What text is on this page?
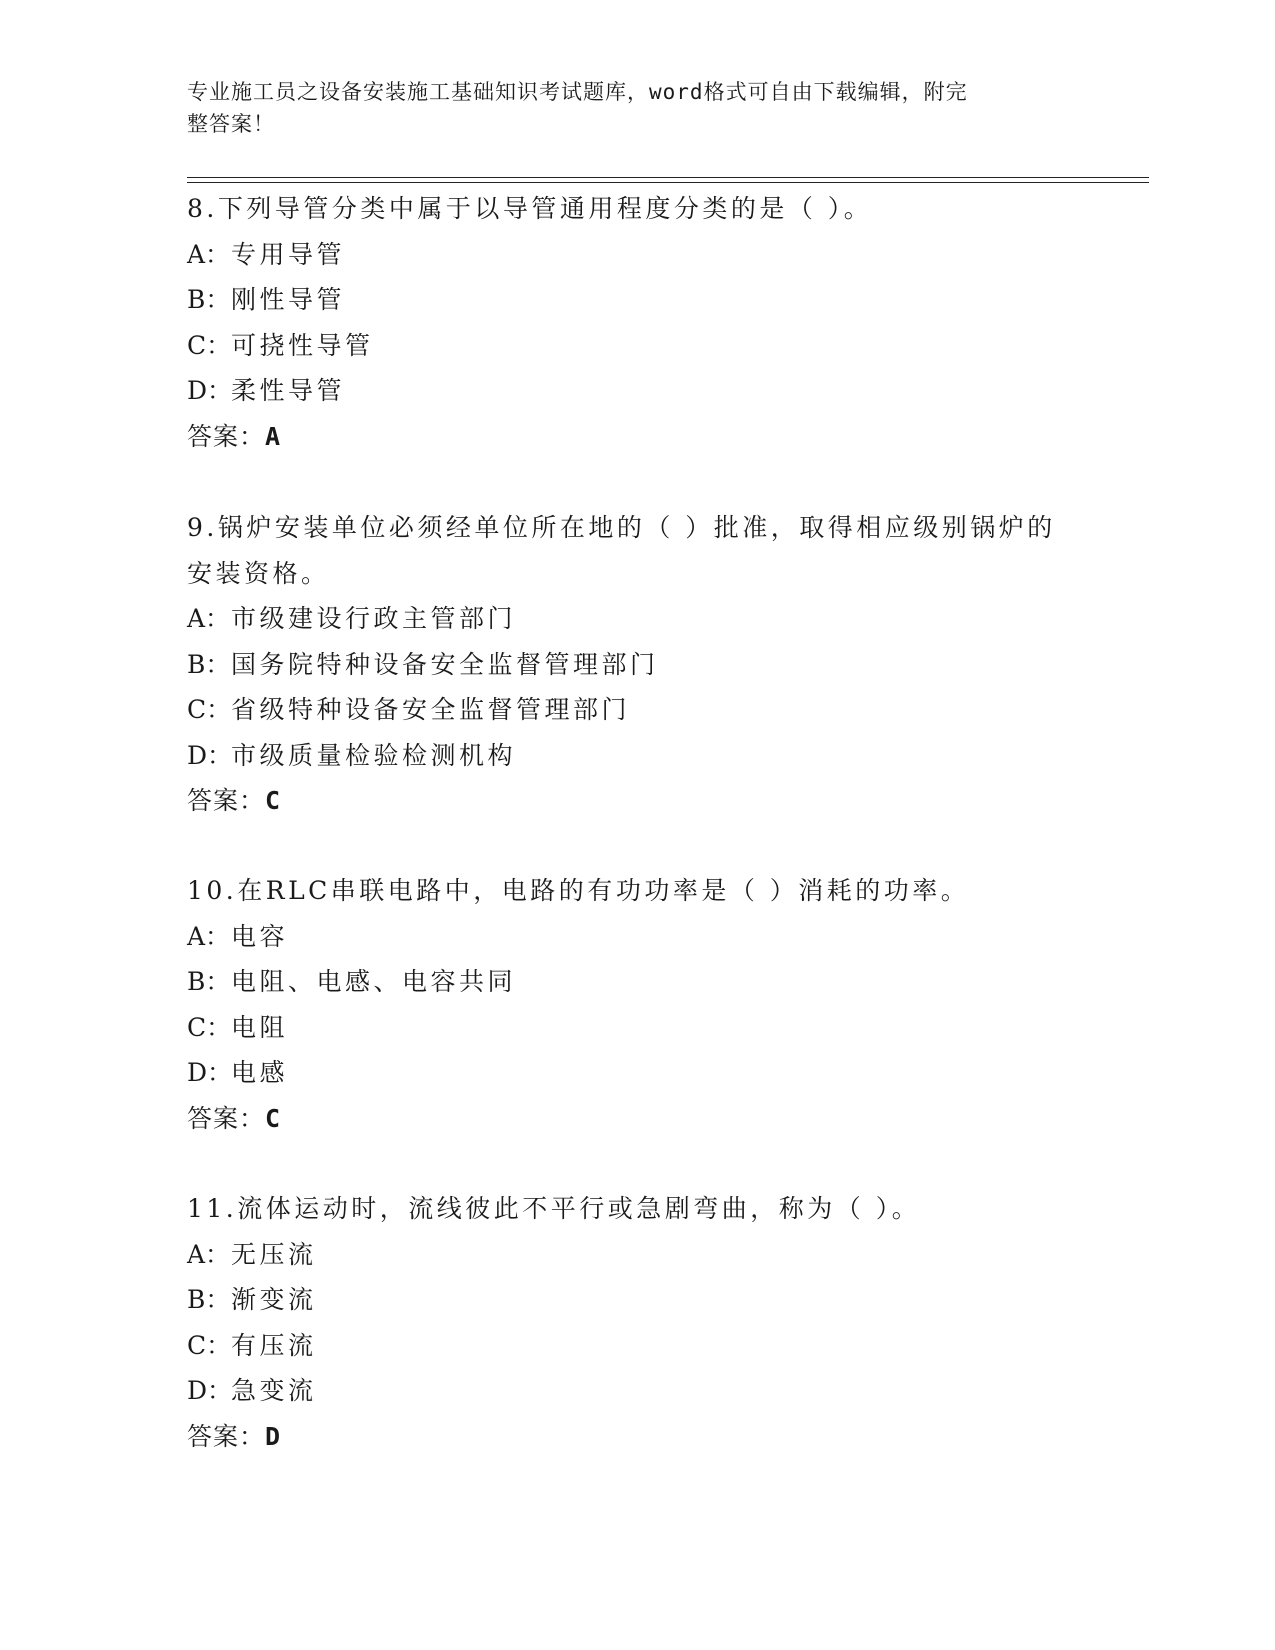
专业施工员之设备安装施工基础知识考试题库，word格式可自由下载编辑，附完
整答案！
8.下列导管分类中属于以导管通用程度分类的是（ ）。
A：专用导管
B：刚性导管
C：可挠性导管
D：柔性导管
答案：A
9.锅炉安装单位必须经单位所在地的（ ）批准，取得相应级别锅炉的
安装资格。
A：市级建设行政主管部门
B：国务院特种设备安全监督管理部门
C：省级特种设备安全监督管理部门
D：市级质量检验检测机构
答案：C
10.在RLC串联电路中，电路的有功功率是（ ）消耗的功率。
A：电容
B：电阻、电感、电容共同
C：电阻
D：电感
答案：C
11.流体运动时，流线彼此不平行或急剧弯曲，称为（ ）。
A：无压流
B：渐变流
C：有压流
D：急变流
答案：D
